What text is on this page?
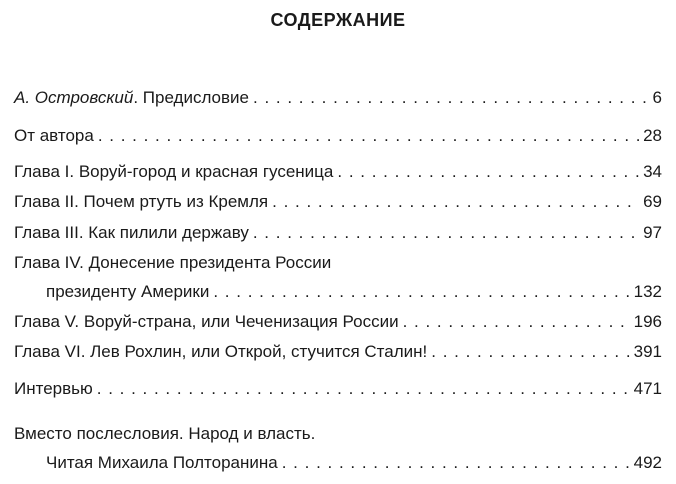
СОДЕРЖАНИЕ
А. Островский. Предисловие . . .	6
От автора . . .	28
Глава I. Воруй-город и красная гусеница . . .	34
Глава II. Почем ртуть из Кремля . . .	69
Глава III. Как пилили державу . . .	97
Глава IV. Донесение президента России
президенту Америки . . .	132
Глава V. Воруй-страна, или Чеченизация России . . .	196
Глава VI. Лев Рохлин, или Открой, стучится Сталин! . . .	391
Интервью . . .	471
Вместо послесловия. Народ и власть.
Читая Михаила Полторанина . . .	492
